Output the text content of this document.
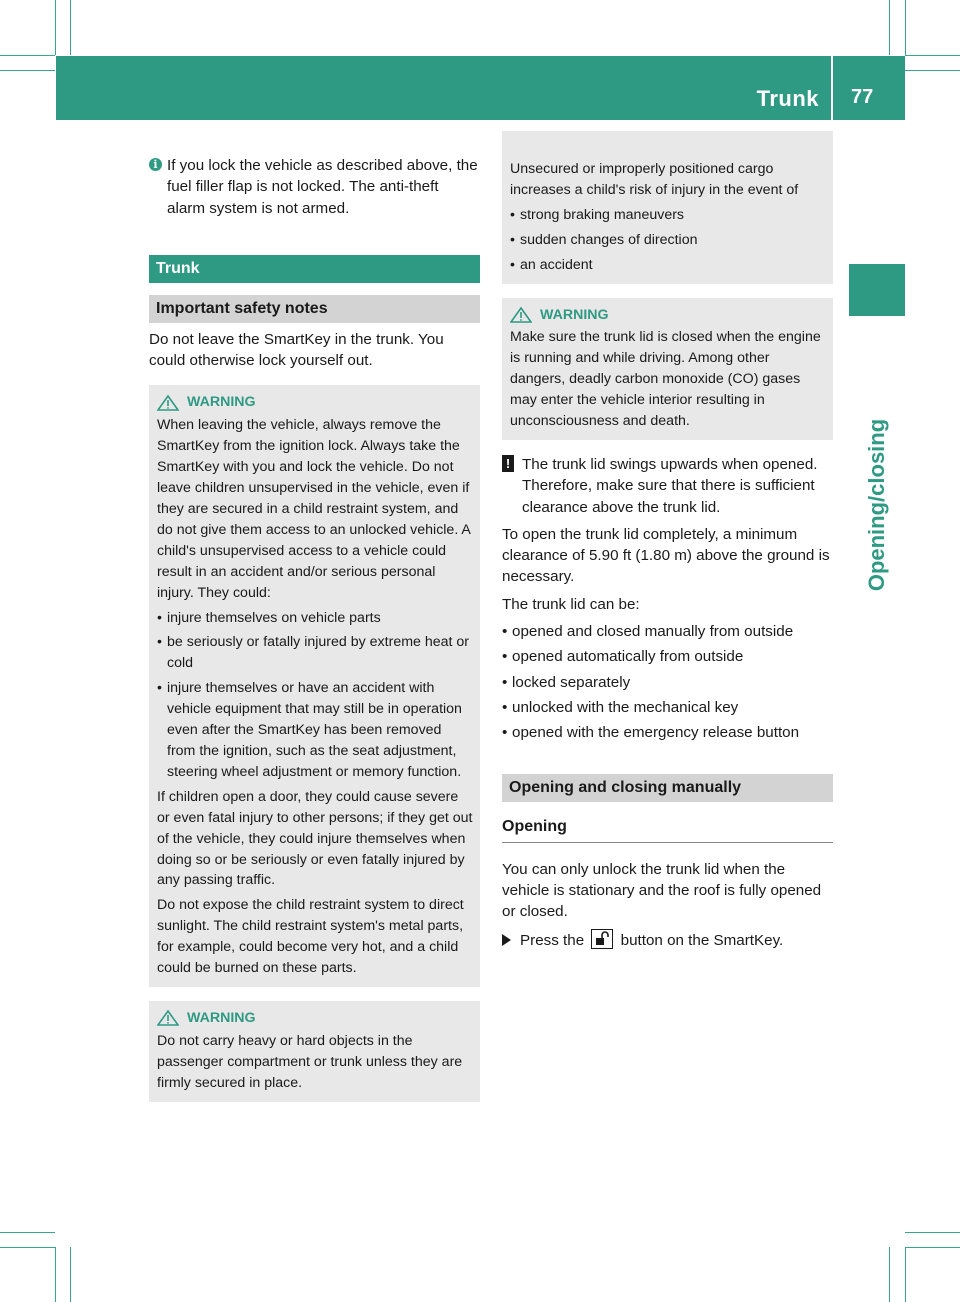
Trunk 77
Opening/closing

i If you lock the vehicle as described above, the fuel filler flap is not locked. The anti-theft alarm system is not armed.

Trunk
Important safety notes

Do not leave the SmartKey in the trunk. You could otherwise lock yourself out.

WARNING

When leaving the vehicle, always remove the SmartKey from the ignition lock. Always take the SmartKey with you and lock the vehicle. Do not leave children unsupervised in the vehicle, even if they are secured in a child restraint system, and do not give them access to an unlocked vehicle. A child's unsupervised access to a vehicle could result in an accident and/or serious personal injury. They could:

• injure themselves on vehicle parts
• be seriously or fatally injured by extreme heat or cold
• injure themselves or have an accident with vehicle equipment that may still be in operation even after the SmartKey has been removed from the ignition, such as the seat adjustment, steering wheel adjustment or memory function.

If children open a door, they could cause severe or even fatal injury to other persons; if they get out of the vehicle, they could injure themselves when doing so or be seriously or even fatally injured by any passing traffic.

Do not expose the child restraint system to direct sunlight. The child restraint system's metal parts, for example, could become very hot, and a child could be burned on these parts.

WARNING

Do not carry heavy or hard objects in the passenger compartment or trunk unless they are firmly secured in place.

Unsecured or improperly positioned cargo increases a child's risk of injury in the event of

• strong braking maneuvers
• sudden changes of direction
• an accident
WARNING

Make sure the trunk lid is closed when the engine is running and while driving. Among other dangers, deadly carbon monoxide (CO) gases may enter the vehicle interior resulting in unconsciousness and death.

! The trunk lid swings upwards when opened. Therefore, make sure that there is sufficient clearance above the trunk lid.

To open the trunk lid completely, a minimum clearance of 5.90 ft (1.80 m) above the ground is necessary.

The trunk lid can be:

• opened and closed manually from outside
• opened automatically from outside
• locked separately
• unlocked with the mechanical key
• opened with the emergency release button
Opening and closing manually
Opening

You can only unlock the trunk lid when the vehicle is stationary and the roof is fully opened or closed.

Press the button on the SmartKey.
